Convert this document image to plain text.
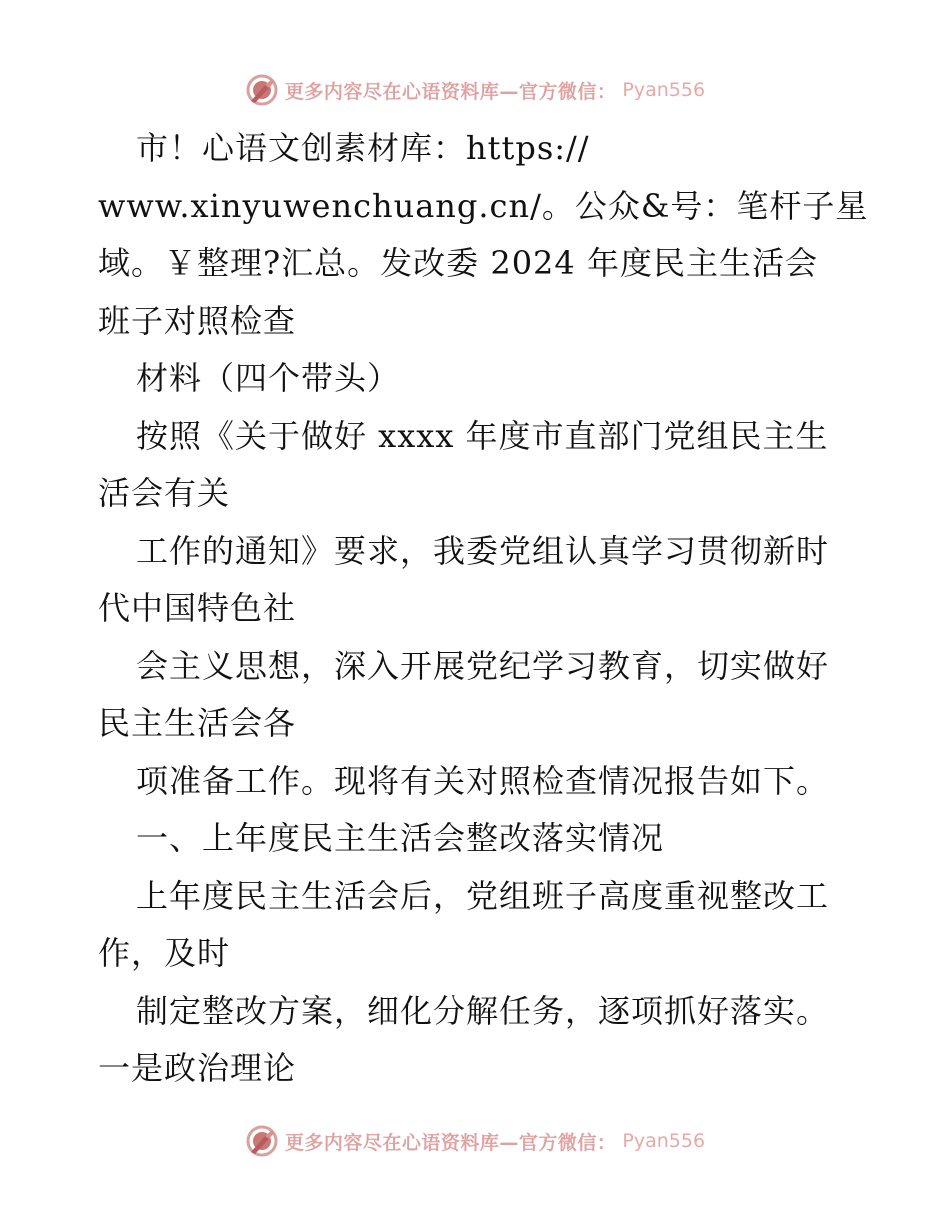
更多内容尽在心语资料库—官方微信： Pyan556
市！心语文创素材库：https://
www.xinyuwenchuang.cn/。公众&号：笔杆子星
域。￥整理?汇总。发改委 2024 年度民主生活会
班子对照检查
材料（四个带头）
按照《关于做好 xxxx 年度市直部门党组民主生
活会有关
工作的通知》要求，我委党组认真学习贯彻新时
代中国特色社
会主义思想，深入开展党纪学习教育，切实做好
民主生活会各
项准备工作。现将有关对照检查情况报告如下。
一、上年度民主生活会整改落实情况
上年度民主生活会后，党组班子高度重视整改工
作，及时
制定整改方案，细化分解任务，逐项抓好落实。
一是政治理论
更多内容尽在心语资料库—官方微信： Pyan556
